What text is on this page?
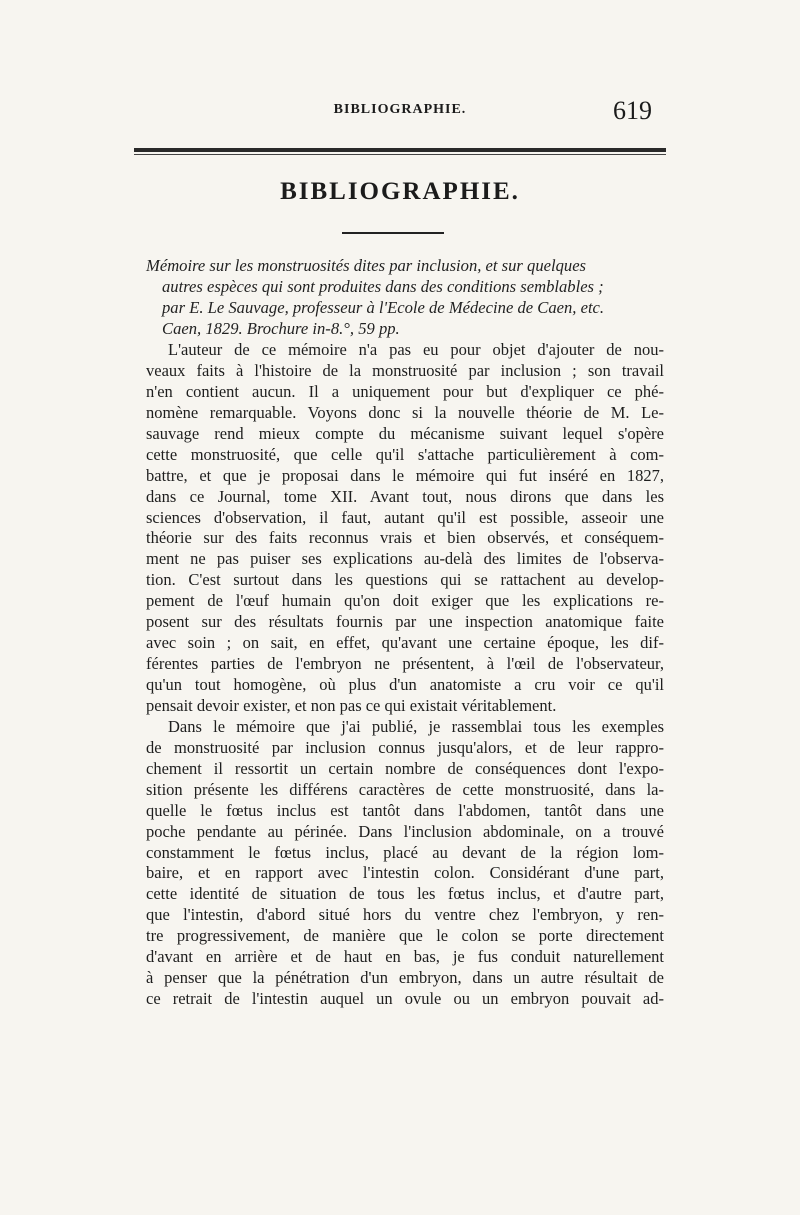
BIBLIOGRAPHIE.	619
BIBLIOGRAPHIE.
Mémoire sur les monstruosités dites par inclusion, et sur quelques
autres espèces qui sont produites dans des conditions semblables ;
par E. Le Sauvage, professeur à l'Ecole de Médecine de Caen, etc.
Caen, 1829. Brochure in-8.°, 59 pp.
L'auteur de ce mémoire n'a pas eu pour objet d'ajouter de nou-
veaux faits à l'histoire de la monstruosité par inclusion ; son travail
n'en contient aucun. Il a uniquement pour but d'expliquer ce phé-
nomène remarquable. Voyons donc si la nouvelle théorie de M. Le-
sauvage rend mieux compte du mécanisme suivant lequel s'opère
cette monstruosité, que celle qu'il s'attache particulièrement à com-
battre, et que je proposai dans le mémoire qui fut inséré en 1827,
dans ce Journal, tome XII. Avant tout, nous dirons que dans les
sciences d'observation, il faut, autant qu'il est possible, asseoir une
théorie sur des faits reconnus vrais et bien observés, et conséquem-
ment ne pas puiser ses explications au-delà des limites de l'observa-
tion. C'est surtout dans les questions qui se rattachent au develop-
pement de l'œuf humain qu'on doit exiger que les explications re-
posent sur des résultats fournis par une inspection anatomique faite
avec soin ; on sait, en effet, qu'avant une certaine époque, les dif-
férentes parties de l'embryon ne présentent, à l'œil de l'observateur,
qu'un tout homogène, où plus d'un anatomiste a cru voir ce qu'il
pensait devoir exister, et non pas ce qui existait véritablement.
Dans le mémoire que j'ai publié, je rassemblai tous les exemples
de monstruosité par inclusion connus jusqu'alors, et de leur rappro-
chement il ressortit un certain nombre de conséquences dont l'expo-
sition présente les différens caractères de cette monstruosité, dans la-
quelle le fœtus inclus est tantôt dans l'abdomen, tantôt dans une
poche pendante au périnée. Dans l'inclusion abdominale, on a trouvé
constamment le fœtus inclus, placé au devant de la région lom-
baire, et en rapport avec l'intestin colon. Considérant d'une part,
cette identité de situation de tous les fœtus inclus, et d'autre part,
que l'intestin, d'abord situé hors du ventre chez l'embryon, y ren-
tre progressivement, de manière que le colon se porte directement
d'avant en arrière et de haut en bas, je fus conduit naturellement
à penser que la pénétration d'un embryon, dans un autre résultait de
ce retrait de l'intestin auquel un ovule ou un embryon pouvait ad-
